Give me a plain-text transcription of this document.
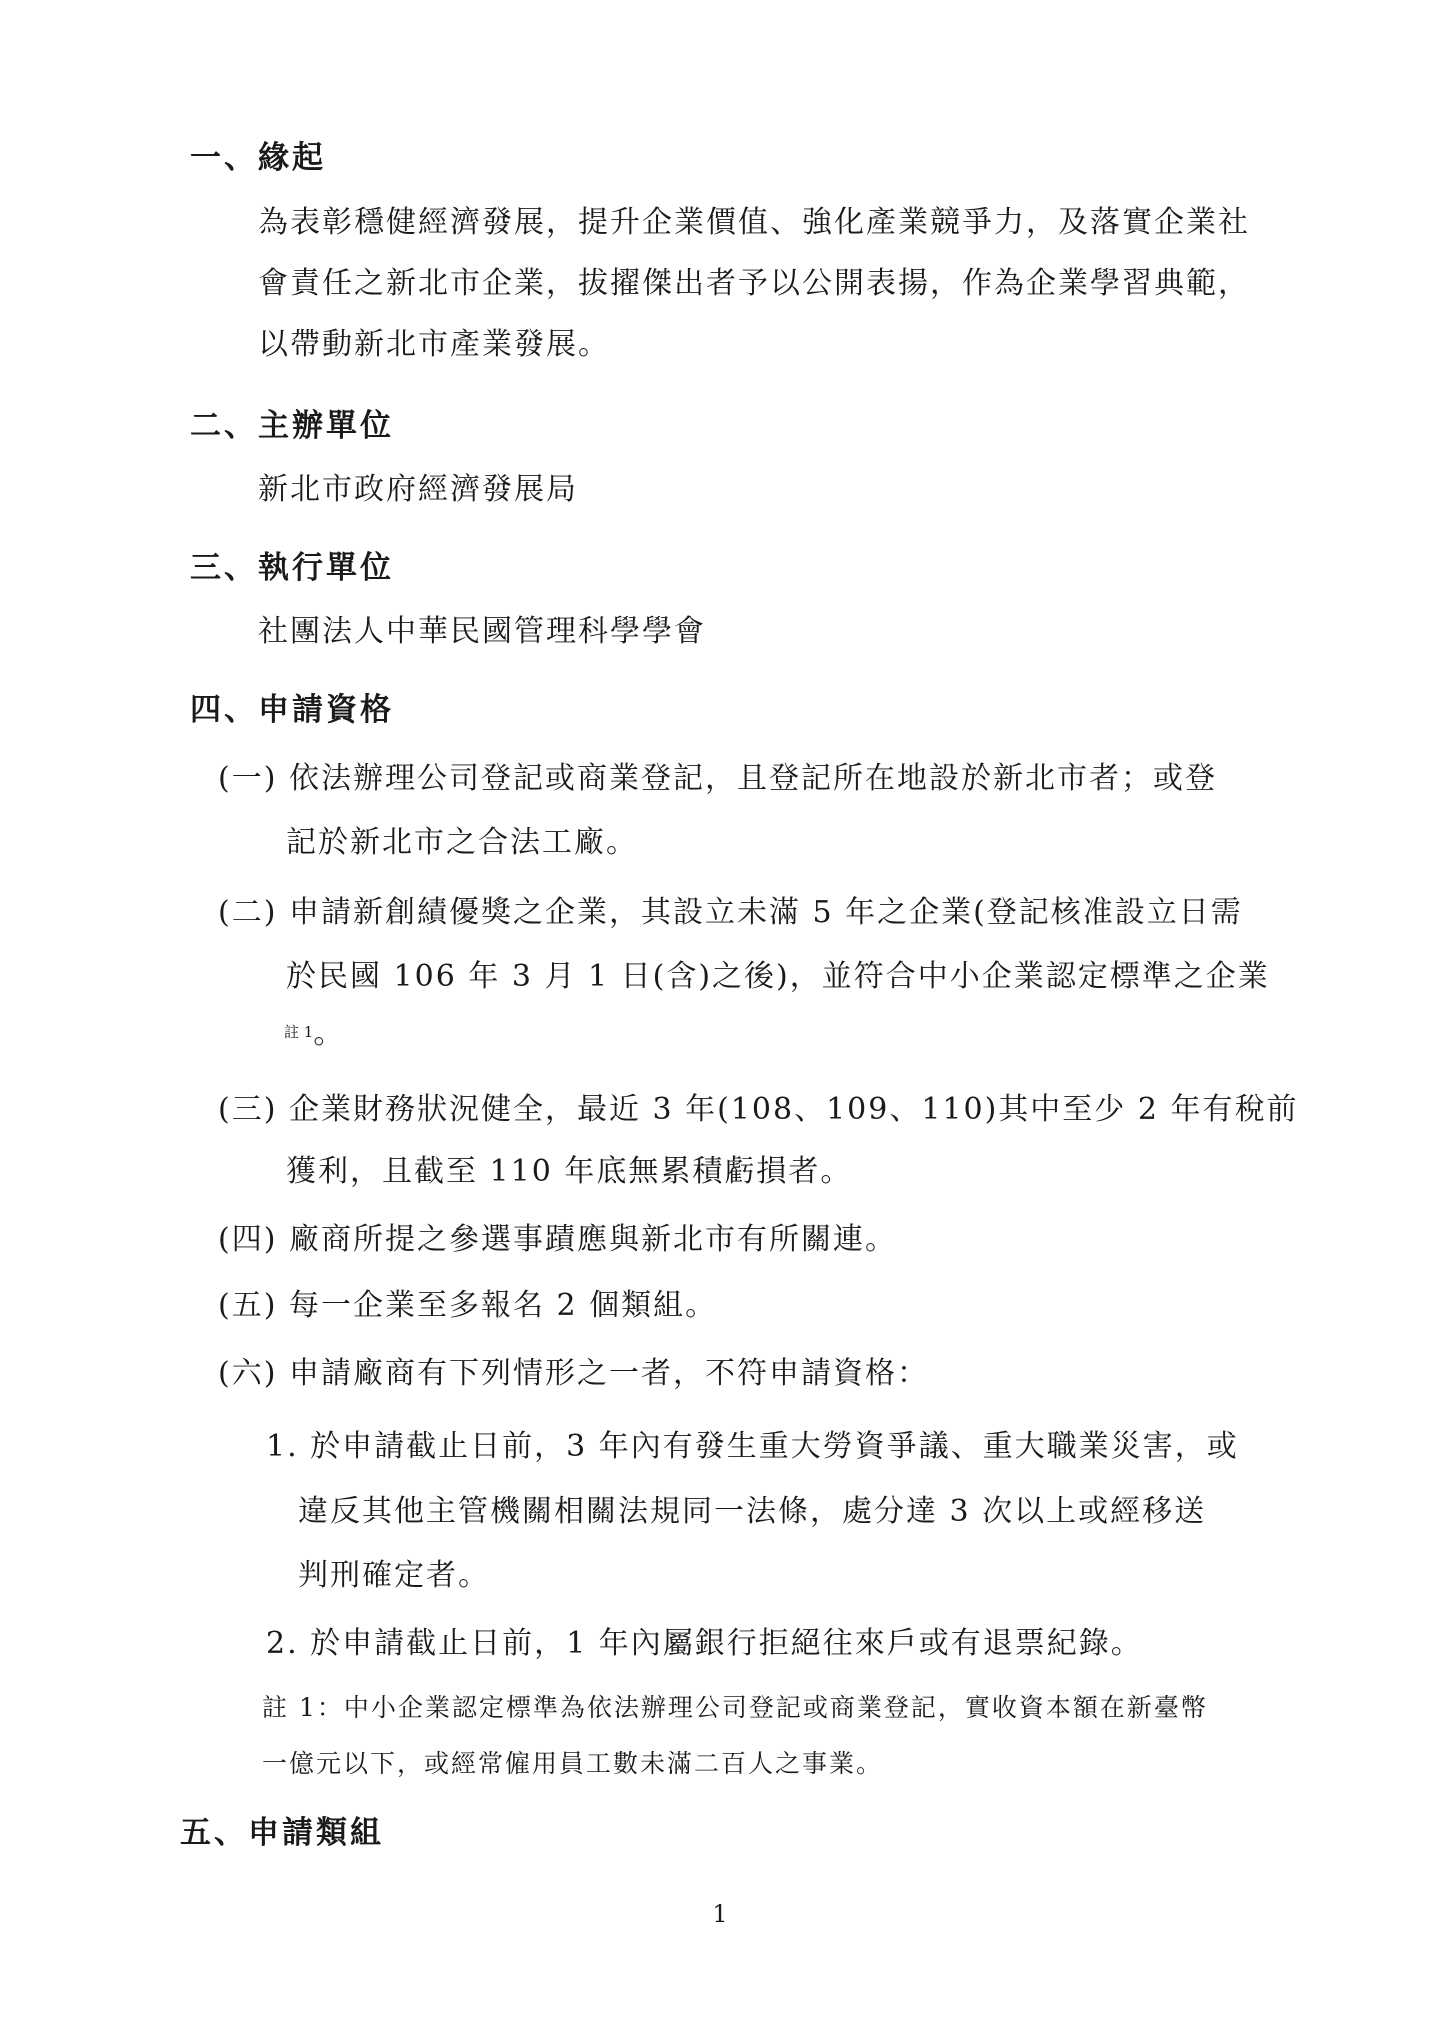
一、緣起
為表彰穩健經濟發展，提升企業價值、強化產業競爭力，及落實企業社
會責任之新北市企業，拔擢傑出者予以公開表揚，作為企業學習典範，
以帶動新北市產業發展。
二、主辦單位
新北市政府經濟發展局
三、執行單位
社團法人中華民國管理科學學會
四、申請資格
(一) 依法辦理公司登記或商業登記，且登記所在地設於新北市者；或登
記於新北市之合法工廠。
(二) 申請新創績優獎之企業，其設立未滿 5 年之企業(登記核准設立日需
於民國 106 年 3 月 1 日(含)之後)，並符合中小企業認定標準之企業
$^{註 1}$。
(三) 企業財務狀況健全，最近 3 年(108、109、110)其中至少 2 年有稅前
獲利，且截至 110 年底無累積虧損者。
(四) 廠商所提之參選事蹟應與新北市有所關連。
(五) 每一企業至多報名 2 個類組。
(六) 申請廠商有下列情形之一者，不符申請資格：
1. 於申請截止日前，3 年內有發生重大勞資爭議、重大職業災害，或
違反其他主管機關相關法規同一法條，處分達 3 次以上或經移送
判刑確定者。
2. 於申請截止日前，1 年內屬銀行拒絕往來戶或有退票紀錄。
註 1：中小企業認定標準為依法辦理公司登記或商業登記，實收資本額在新臺幣
一億元以下，或經常僱用員工數未滿二百人之事業。
五、申請類組
1
